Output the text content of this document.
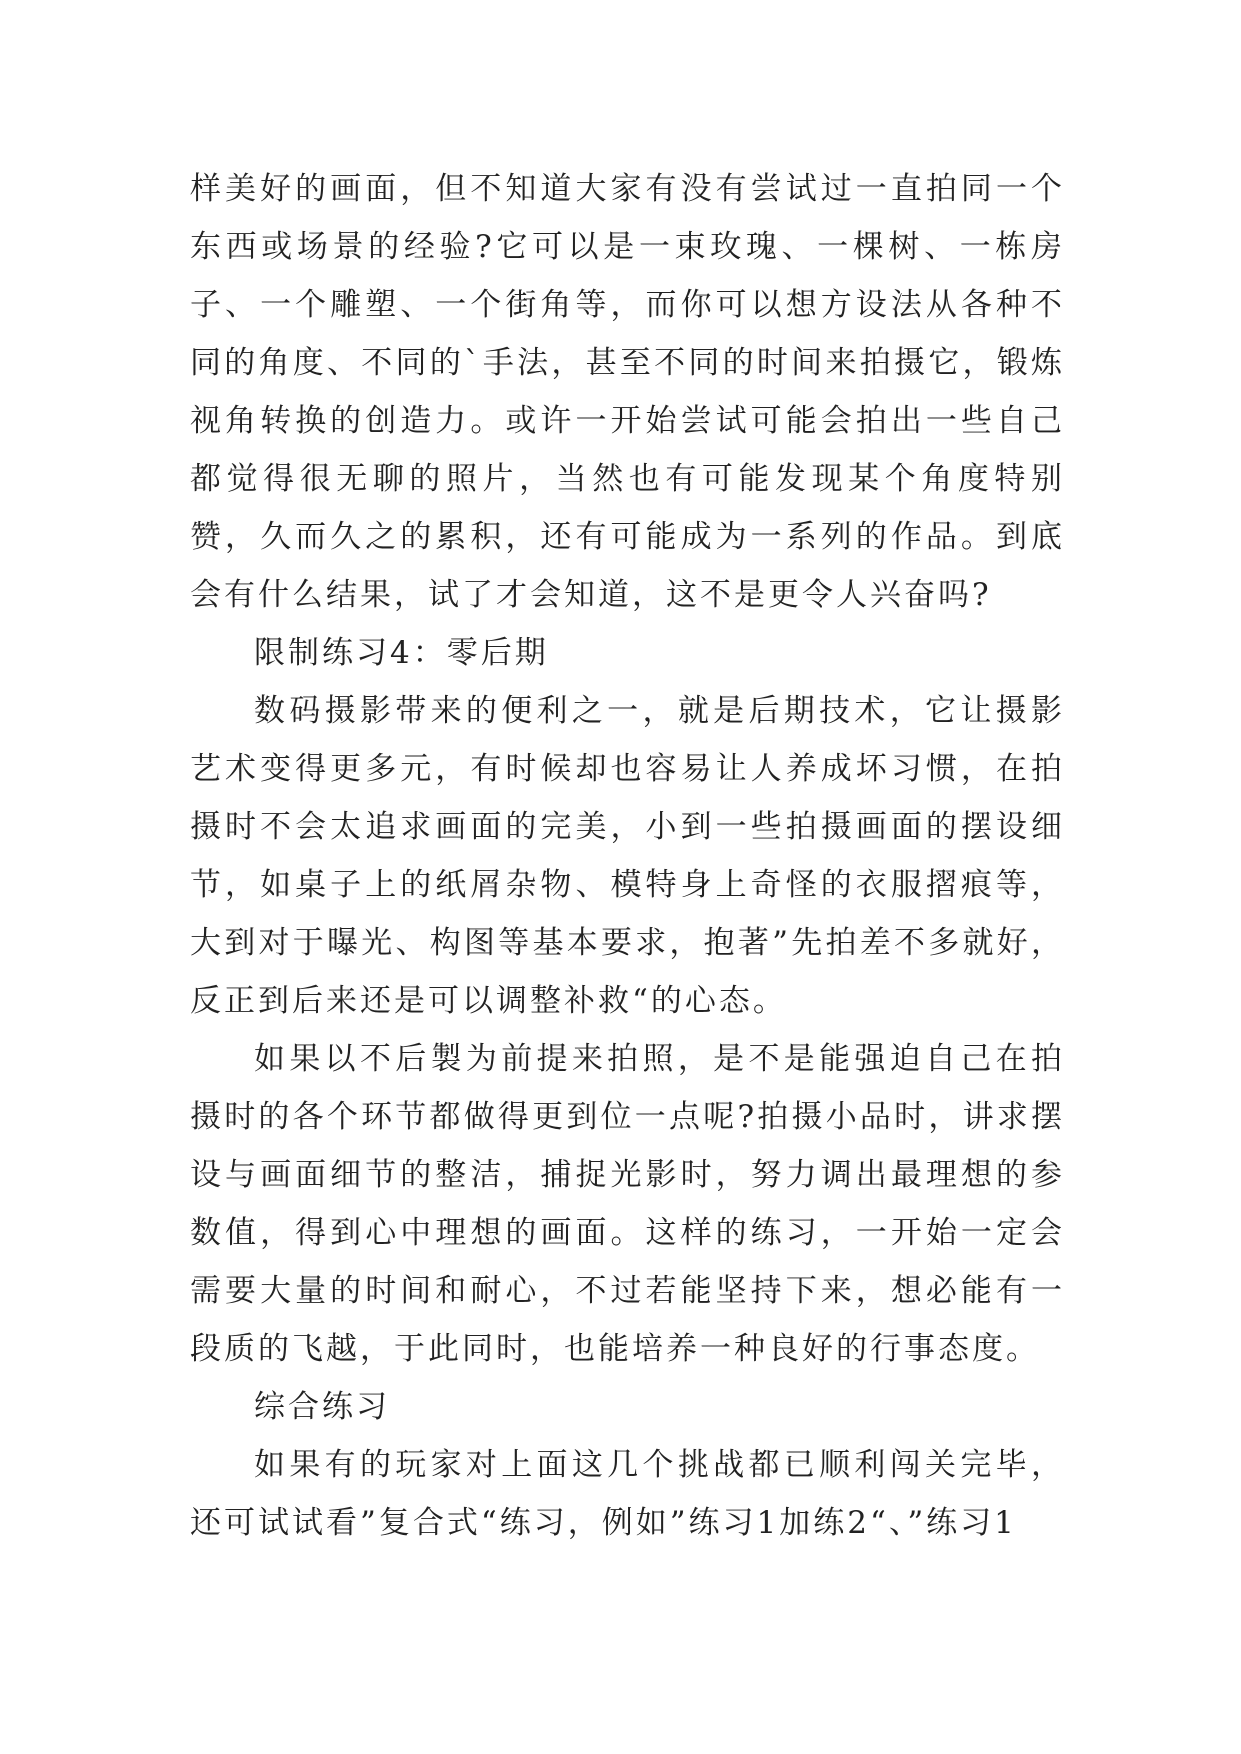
样美好的画面，但不知道大家有没有尝试过一直拍同一个东西或场景的经验?它可以是一束玫瑰、一棵树、一栋房子、一个雕塑、一个街角等，而你可以想方设法从各种不同的角度、不同的`手法，甚至不同的时间来拍摄它，锻炼视角转换的创造力。或许一开始尝试可能会拍出一些自己都觉得很无聊的照片，当然也有可能发现某个角度特别赞，久而久之的累积，还有可能成为一系列的作品。到底会有什么结果，试了才会知道，这不是更令人兴奋吗?

限制练习4：零后期

数码摄影带来的便利之一，就是后期技术，它让摄影艺术变得更多元，有时候却也容易让人养成坏习惯，在拍摄时不会太追求画面的完美，小到一些拍摄画面的摆设细节，如桌子上的纸屑杂物、模特身上奇怪的衣服摺痕等，大到对于曝光、构图等基本要求，抱著”先拍差不多就好，反正到后来还是可以调整补救“的心态。

如果以不后製为前提来拍照，是不是能强迫自己在拍摄时的各个环节都做得更到位一点呢?拍摄小品时，讲求摆设与画面细节的整洁，捕捉光影时，努力调出最理想的参数值，得到心中理想的画面。这样的练习，一开始一定会需要大量的时间和耐心，不过若能坚持下来，想必能有一段质的飞越，于此同时，也能培养一种良好的行事态度。

综合练习

如果有的玩家对上面这几个挑战都已顺利闯关完毕，还可试试看”复合式“练习，例如”练习1加练2“、”练习1
